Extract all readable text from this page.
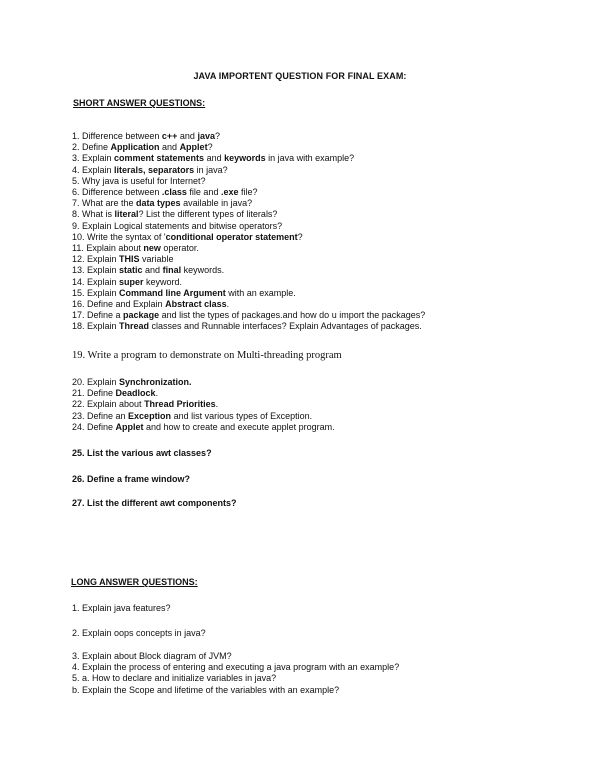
JAVA IMPORTENT QUESTION FOR FINAL EXAM:
SHORT ANSWER QUESTIONS:
1. Difference between c++ and java?
2. Define Application and Applet?
3. Explain comment statements and keywords in java with example?
4. Explain literals, separators in java?
5. Why java is useful for Internet?
6. Difference between .class file and .exe file?
7. What are the data types available in java?
8. What is literal? List the different types of literals?
9. Explain Logical statements and bitwise operators?
10. Write the syntax of 'conditional operator statement?
11. Explain about new operator.
12. Explain THIS variable
13. Explain static and final keywords.
14. Explain super keyword.
15. Explain Command line Argument with an example.
16. Define and Explain Abstract class.
17. Define a package and list the types of packages.and how do u import the packages?
18. Explain Thread classes and Runnable interfaces? Explain Advantages of packages.
19. Write a program to demonstrate on Multi-threading program
20. Explain Synchronization.
21. Define Deadlock.
22. Explain about Thread Priorities.
23. Define an Exception and list various types of Exception.
24. Define Applet and how to create and execute applet program.
25. List the various awt classes?
26. Define a frame window?
27. List the different awt components?
LONG ANSWER QUESTIONS:
1. Explain java features?
2. Explain oops concepts in java?
3. Explain about Block diagram of JVM?
4. Explain the process of entering and executing a java program with an example?
5. a. How to declare and initialize variables in java?
b. Explain the Scope and lifetime of the variables with an example?
